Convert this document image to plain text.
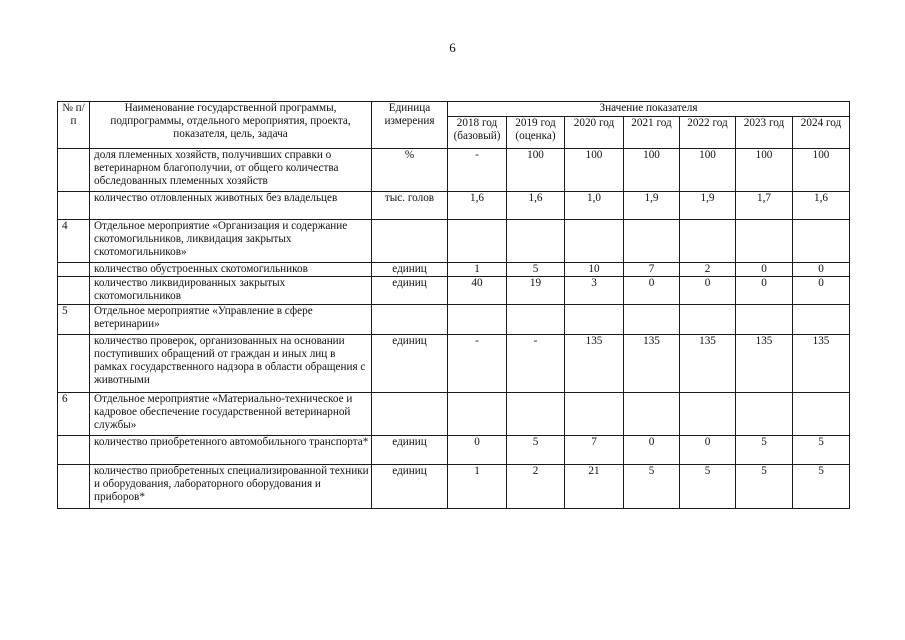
6
№ п/п	Наименование государственной программы, подпрограммы, отдельного мероприятия, проекта, показателя, цель, задача	Единица измерения	Значение показателя						
			2018 год (базовый)	2019 год (оценка)	2020 год	2021 год	2022 год	2023 год	2024 год
	доля племенных хозяйств, получивших справки о ветеринарном благополучии, от общего количества обследованных племенных хозяйств	%	-	100	100	100	100	100	100
	количество отловленных животных без владельцев	тыс. голов	1,6	1,6	1,0	1,9	1,9	1,7	1,6
4	Отдельное мероприятие «Организация и содержание скотомогильников, ликвидация закрытых скотомогильников»								
	количество обустроенных скотомогильников	единиц	1	5	10	7	2	0	0
	количество ликвидированных закрытых скотомогильников	единиц	40	19	3	0	0	0	0
5	Отдельное мероприятие «Управление в сфере ветеринарии»								
	количество проверок, организованных на основании поступивших обращений от граждан и иных лиц в рамках государственного надзора в области обращения с животными	единиц	-	-	135	135	135	135	135
6	Отдельное мероприятие «Материально-техническое и кадровое обеспечение государственной ветеринарной службы»								
	количество приобретенного автомобильного транспорта*	единиц	0	5	7	0	0	5	5
	количество приобретенных специализированной техники и оборудования, лабораторного оборудования и приборов*	единиц	1	2	21	5	5	5	5
